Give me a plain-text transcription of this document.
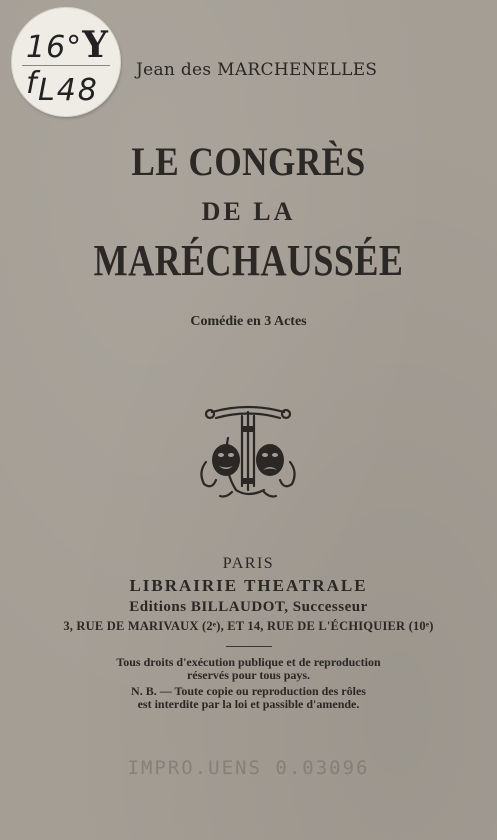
16°Y f L48
Jean des MARCHENELLES
LE CONGRÈS
DE LA
MARÉCHAUSSÉE
Comédie en 3 Actes
PARIS
LIBRAIRIE THEATRALE
Editions BILLAUDOT, Successeur
3, RUE DE MARIVAUX (2ᵉ), ET 14, RUE DE L'ÉCHIQUIER (10ᵉ)
Tous droits d'exécution publique et de reproduction
réservés pour tous pays.
N. B. — Toute copie ou reproduction des rôles
est interdite par la loi et passible d'amende.
IMPRO.UENS 0.03096
